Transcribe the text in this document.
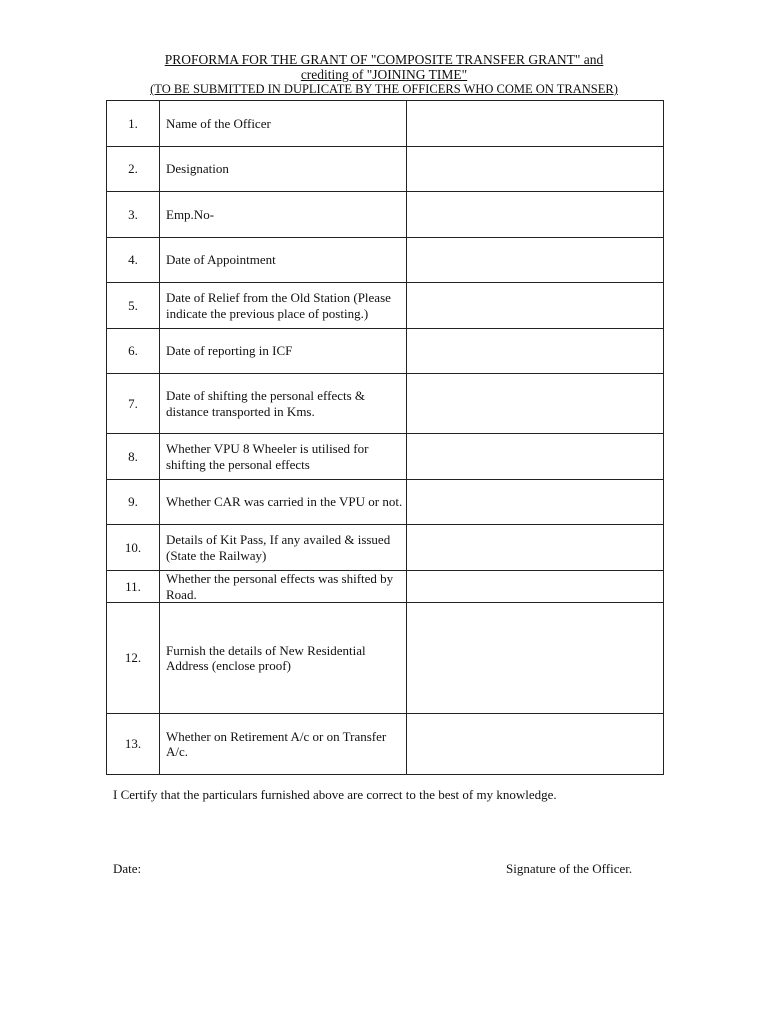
PROFORMA FOR THE GRANT OF "COMPOSITE TRANSFER GRANT" and
crediting of "JOINING TIME"
(TO BE SUBMITTED IN DUPLICATE BY THE OFFICERS WHO COME ON TRANSER)
1.	Name of the Officer	
2.	Designation	
3.	Emp.No-	
4.	Date of Appointment	
5.	Date of Relief from the Old Station (Please indicate the previous place of posting.)	
6.	Date of reporting in ICF	
7.	Date of shifting the personal effects & distance transported in Kms.	
8.	Whether VPU 8 Wheeler is utilised for shifting the personal effects	
9.	Whether CAR was carried in the VPU or not.	
10.	Details of Kit Pass, If any availed & issued (State the Railway)	
11.	Whether the personal effects was shifted by Road.	
12.	Furnish the details of New Residential Address (enclose proof)	
13.	Whether on Retirement A/c or on Transfer A/c.	
I Certify that the particulars furnished above are correct to the best of my knowledge.
Date:	Signature of the Officer.
